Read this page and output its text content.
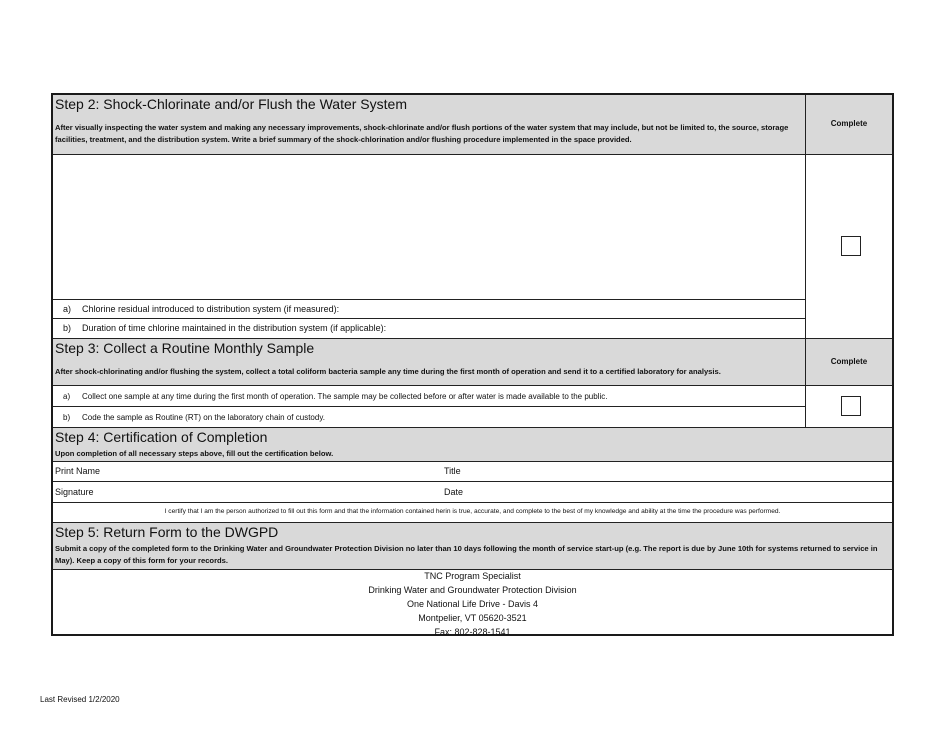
Step 2: Shock-Chlorinate and/or Flush the Water System
After visually inspecting the water system and making any necessary improvements, shock-chlorinate and/or flush portions of the water system that may include, but not be limited to, the source, storage facilities, treatment, and the distribution system. Write a brief summary of the shock-chlorination and/or flushing procedure implemented in the space provided.
Complete
a) Chlorine residual introduced to distribution system (if measured):
b) Duration of time chlorine maintained in the distribution system (if applicable):
Step 3: Collect a Routine Monthly Sample
After shock-chlorinating and/or flushing the system, collect a total coliform bacteria sample any time during the first month of operation and send it to a certified laboratory for analysis.
Complete
a) Collect one sample at any time during the first month of operation. The sample may be collected before or after water is made available to the public.
b) Code the sample as Routine (RT) on the laboratory chain of custody.
Step 4: Certification of Completion
Upon completion of all necessary steps above, fill out the certification below.
Print Name	Title
Signature	Date
I certify that I am the person authorized to fill out this form and that the information contained herin is true, accurate, and complete to the best of my knowledge and ability at the time the procedure was performed.
Step 5: Return Form to the DWGPD
Submit a copy of the completed form to the Drinking Water and Groundwater Protection Division no later than 10 days following the month of service start-up (e.g. The report is due by June 10th for systems returned to service in May). Keep a copy of this form for your records.
TNC Program Specialist
Drinking Water and Groundwater Protection Division
One National Life Drive - Davis 4
Montpelier, VT 05620-3521
Fax: 802-828-1541
Last Revised 1/2/2020
